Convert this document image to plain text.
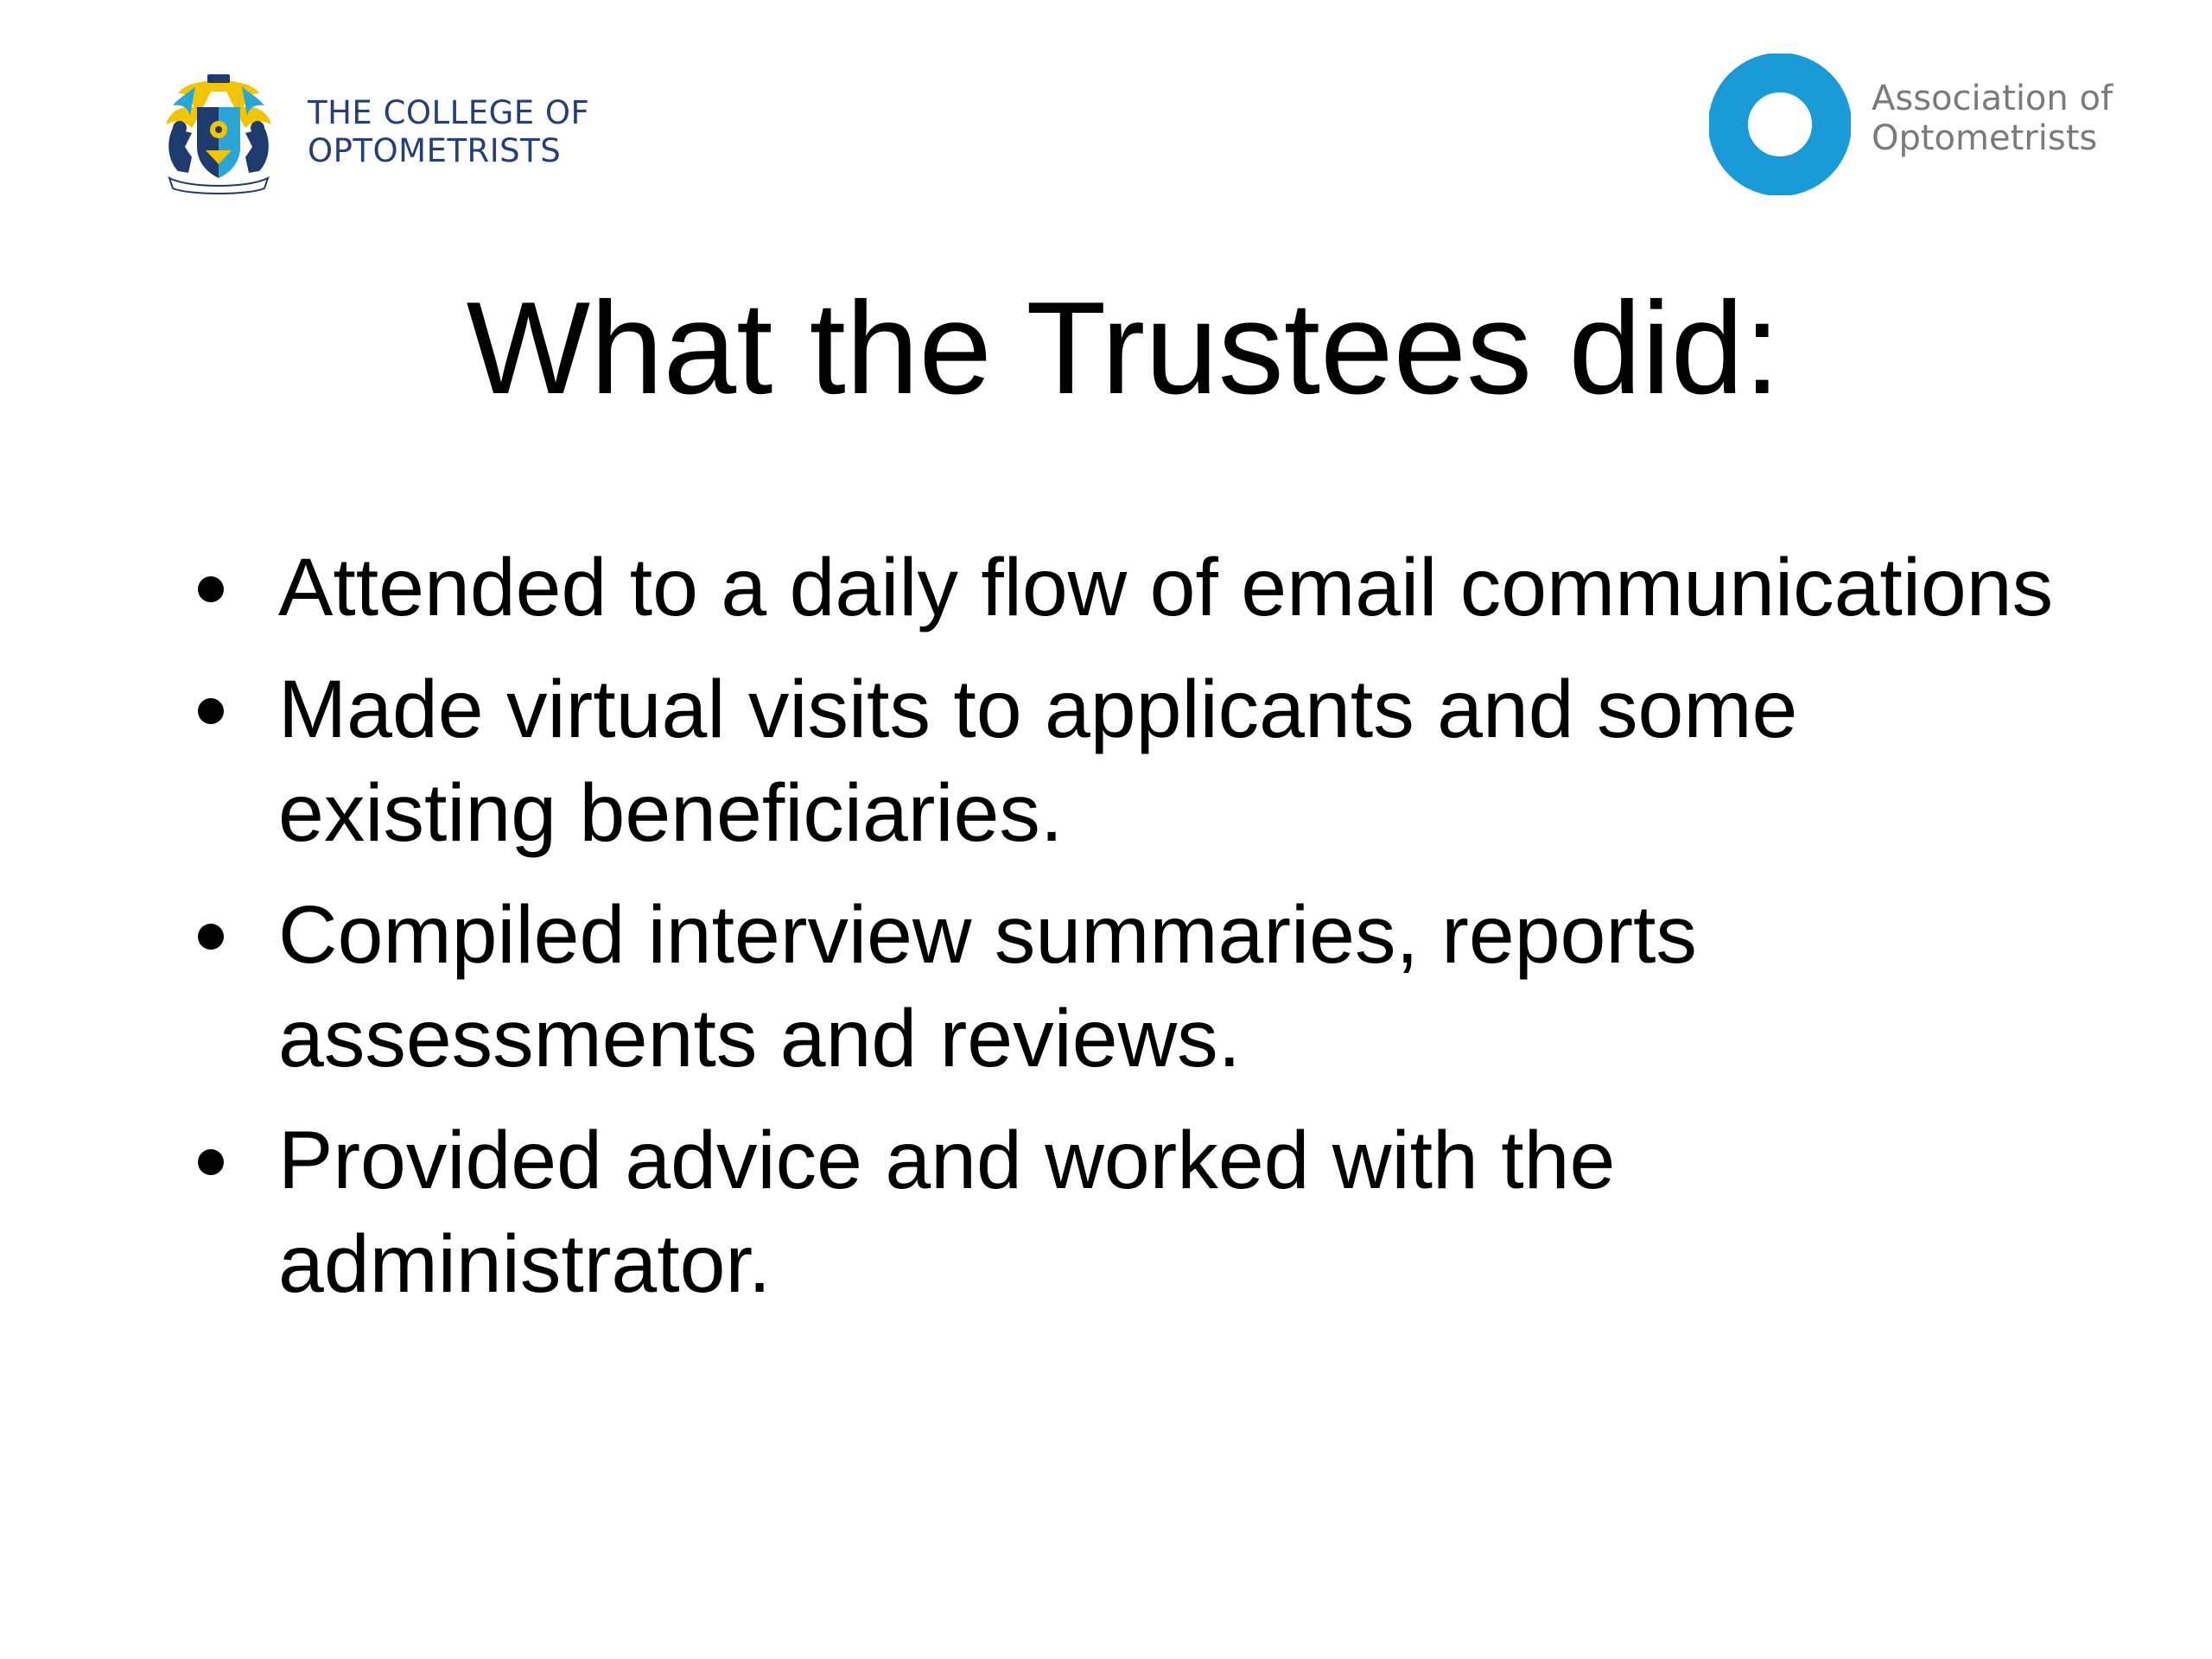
THE COLLEGE OF
OPTOMETRISTS
Association of
Optometrists
What the Trustees did:
Attended to a daily flow of email communications
Made virtual visits to applicants and some existing beneficiaries.
Compiled interview summaries, reports assessments and reviews.
Provided advice and worked with the administrator.
